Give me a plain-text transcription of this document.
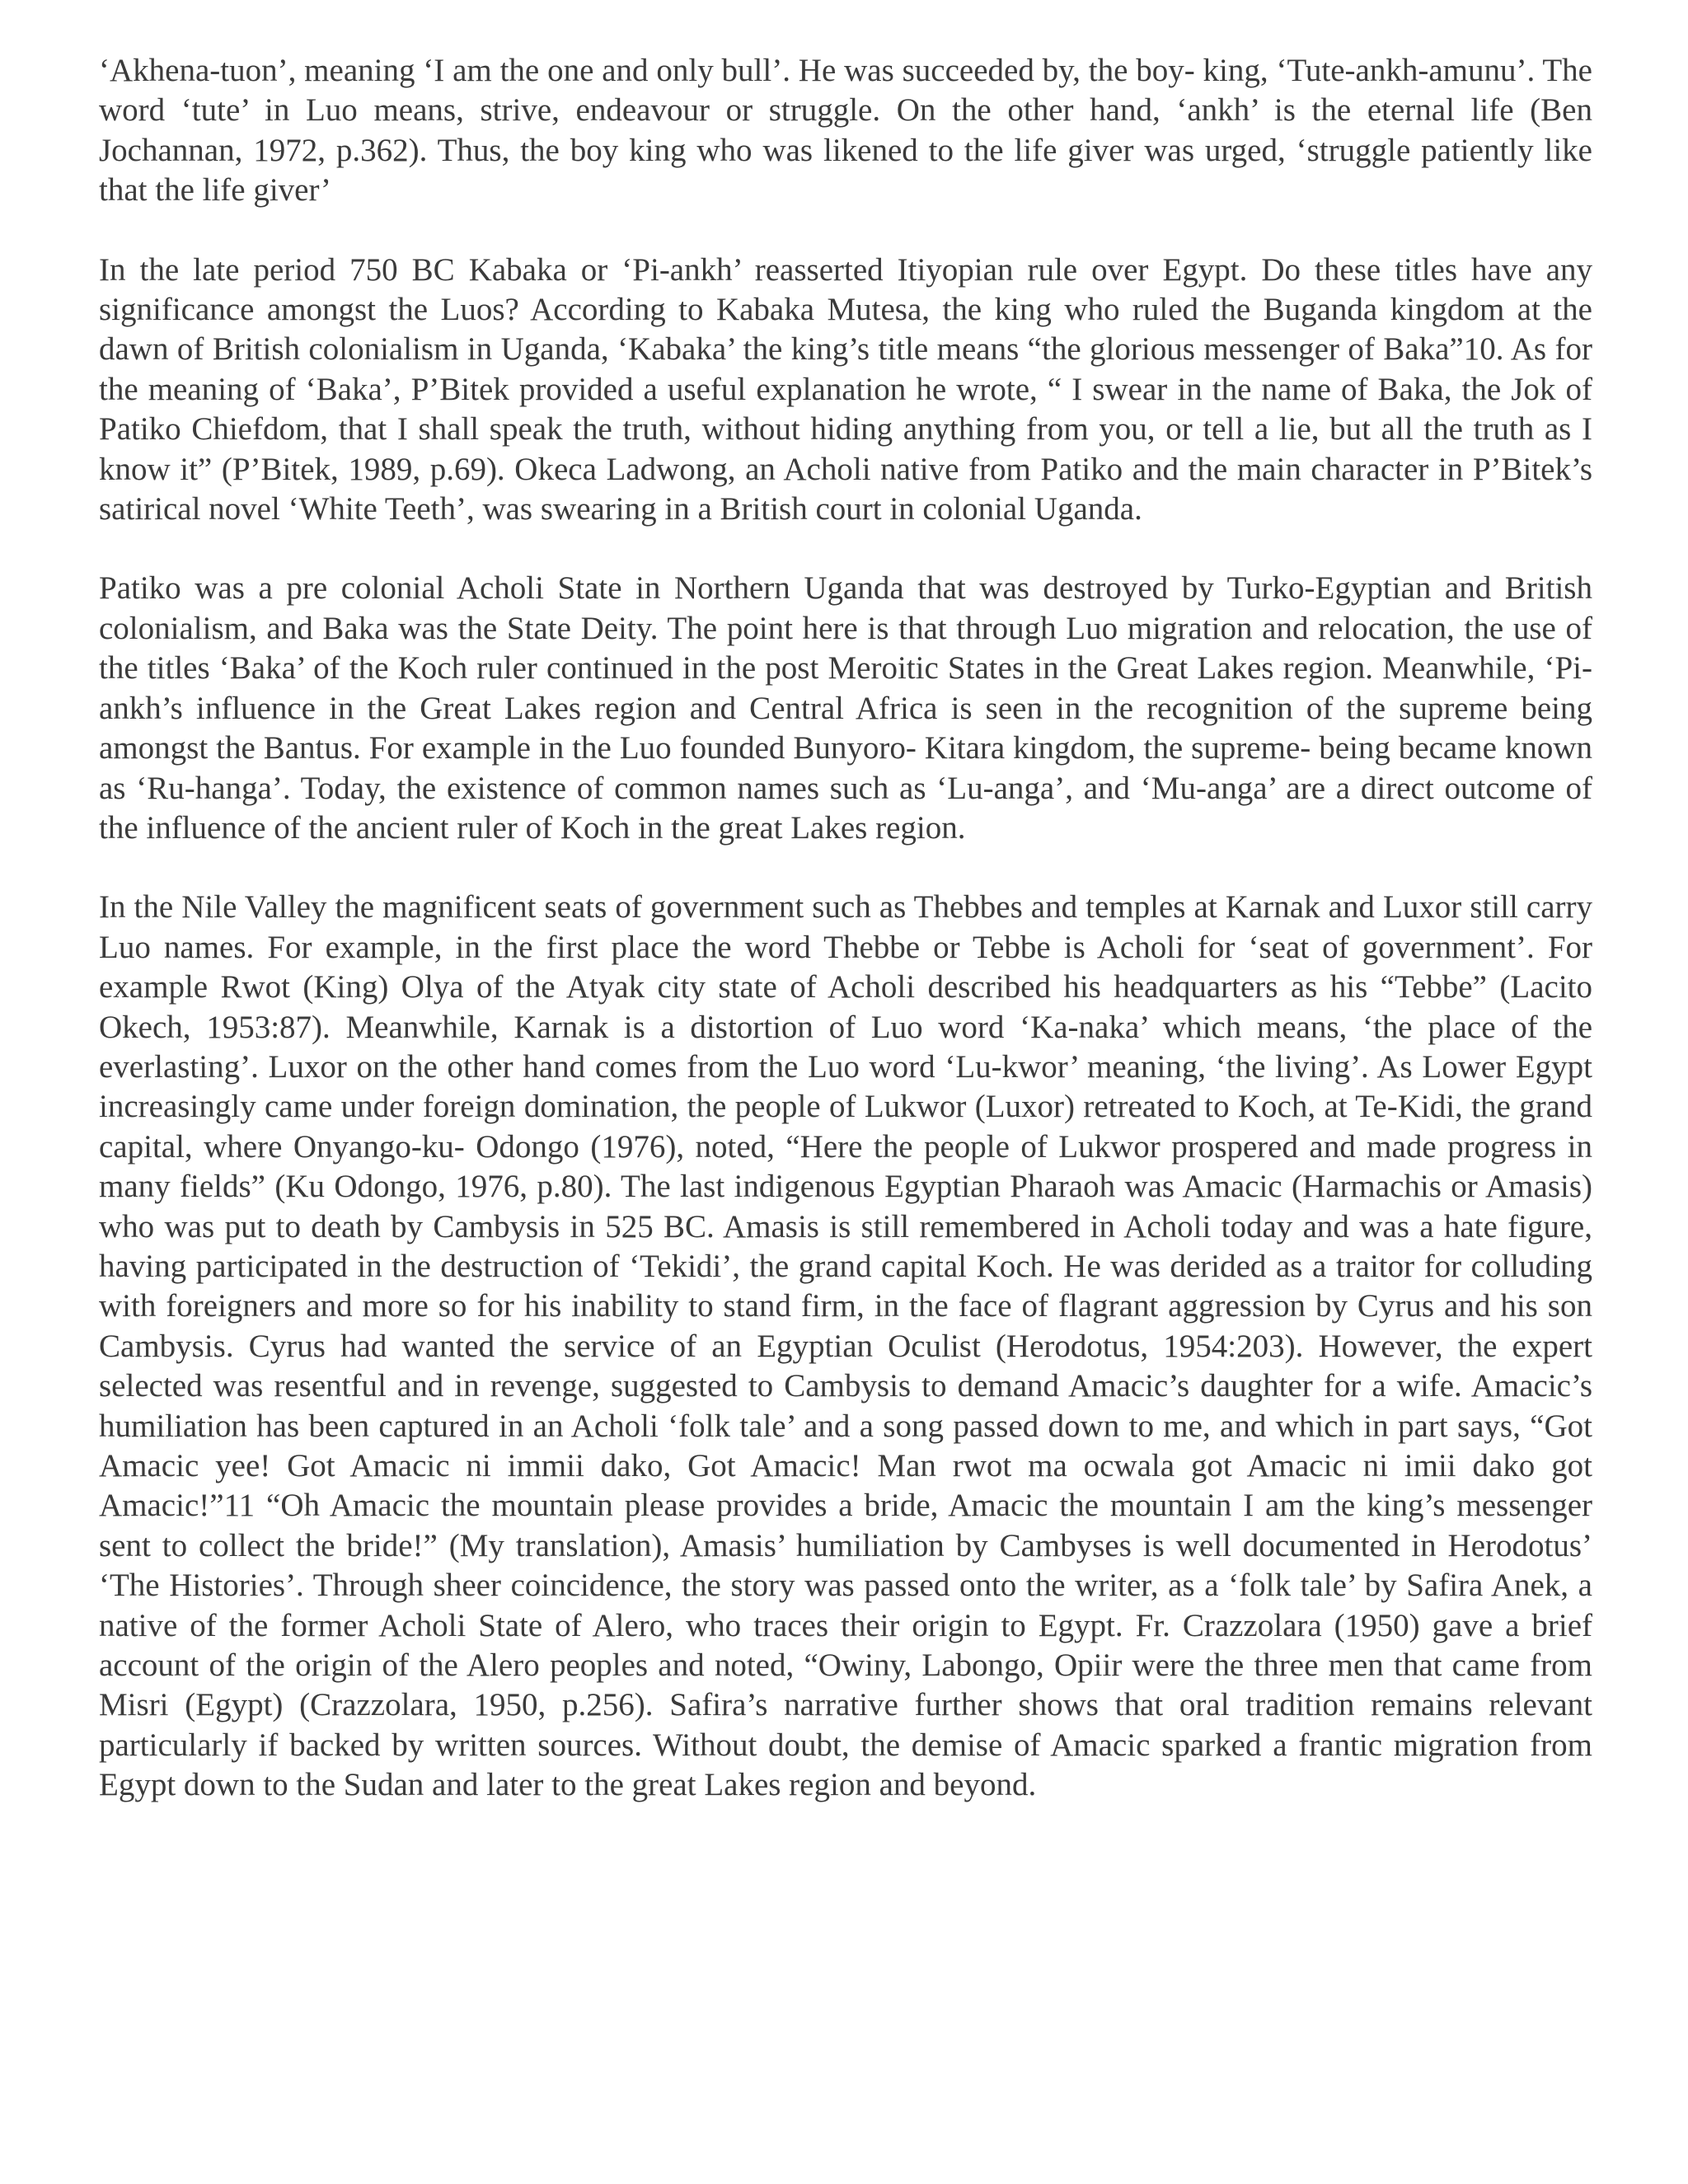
‘Akhena-tuon’, meaning ‘I am the one and only bull’. He was succeeded by, the boy- king, ‘Tute-ankh-amunu’. The word ‘tute’ in Luo means, strive, endeavour or struggle. On the other hand, ‘ankh’ is the eternal life (Ben Jochannan, 1972, p.362). Thus, the boy king who was likened to the life giver was urged, ‘struggle patiently like that the life giver’

In the late period 750 BC Kabaka or ‘Pi-ankh’ reasserted Itiyopian rule over Egypt. Do these titles have any significance amongst the Luos? According to Kabaka Mutesa, the king who ruled the Buganda kingdom at the dawn of British colonialism in Uganda, ‘Kabaka’ the king’s title means “the glorious messenger of Baka”10. As for the meaning of ‘Baka’, P’Bitek provided a useful explanation he wrote, “ I swear in the name of Baka, the Jok of Patiko Chiefdom, that I shall speak the truth, without hiding anything from you, or tell a lie, but all the truth as I know it” (P’Bitek, 1989, p.69). Okeca Ladwong, an Acholi native from Patiko and the main character in P’Bitek’s satirical novel ‘White Teeth’, was swearing in a British court in colonial Uganda.

Patiko was a pre colonial Acholi State in Northern Uganda that was destroyed by Turko-Egyptian and British colonialism, and Baka was the State Deity. The point here is that through Luo migration and relocation, the use of the titles ‘Baka’ of the Koch ruler continued in the post Meroitic States in the Great Lakes region. Meanwhile, ‘Pi-ankh’s influence in the Great Lakes region and Central Africa is seen in the recognition of the supreme being amongst the Bantus. For example in the Luo founded Bunyoro- Kitara kingdom, the supreme- being became known as ‘Ru-hanga’. Today, the existence of common names such as ‘Lu-anga’, and ‘Mu-anga’ are a direct outcome of the influence of the ancient ruler of Koch in the great Lakes region.

In the Nile Valley the magnificent seats of government such as Thebbes and temples at Karnak and Luxor still carry Luo names. For example, in the first place the word Thebbe or Tebbe is Acholi for ‘seat of government’. For example Rwot (King) Olya of the Atyak city state of Acholi described his headquarters as his “Tebbe” (Lacito Okech, 1953:87). Meanwhile, Karnak is a distortion of Luo word ‘Ka-naka’ which means, ‘the place of the everlasting’. Luxor on the other hand comes from the Luo word ‘Lu-kwor’ meaning, ‘the living’. As Lower Egypt increasingly came under foreign domination, the people of Lukwor (Luxor) retreated to Koch, at Te-Kidi, the grand capital, where Onyango-ku- Odongo (1976), noted, “Here the people of Lukwor prospered and made progress in many fields” (Ku Odongo, 1976, p.80). The last indigenous Egyptian Pharaoh was Amacic (Harmachis or Amasis) who was put to death by Cambysis in 525 BC. Amasis is still remembered in Acholi today and was a hate figure, having participated in the destruction of ‘Tekidi’, the grand capital Koch. He was derided as a traitor for colluding with foreigners and more so for his inability to stand firm, in the face of flagrant aggression by Cyrus and his son Cambysis. Cyrus had wanted the service of an Egyptian Oculist (Herodotus, 1954:203). However, the expert selected was resentful and in revenge, suggested to Cambysis to demand Amacic’s daughter for a wife. Amacic’s humiliation has been captured in an Acholi ‘folk tale’ and a song passed down to me, and which in part says, “Got Amacic yee! Got Amacic ni immii dako, Got Amacic! Man rwot ma ocwala got Amacic ni imii dako got Amacic!”11 “Oh Amacic the mountain please provides a bride, Amacic the mountain I am the king’s messenger sent to collect the bride!” (My translation), Amasis’ humiliation by Cambyses is well documented in Herodotus’ ‘The Histories’. Through sheer coincidence, the story was passed onto the writer, as a ‘folk tale’ by Safira Anek, a native of the former Acholi State of Alero, who traces their origin to Egypt. Fr. Crazzolara (1950) gave a brief account of the origin of the Alero peoples and noted, “Owiny, Labongo, Opiir were the three men that came from Misri (Egypt) (Crazzolara, 1950, p.256). Safira’s narrative further shows that oral tradition remains relevant particularly if backed by written sources. Without doubt, the demise of Amacic sparked a frantic migration from Egypt down to the Sudan and later to the great Lakes region and beyond.
